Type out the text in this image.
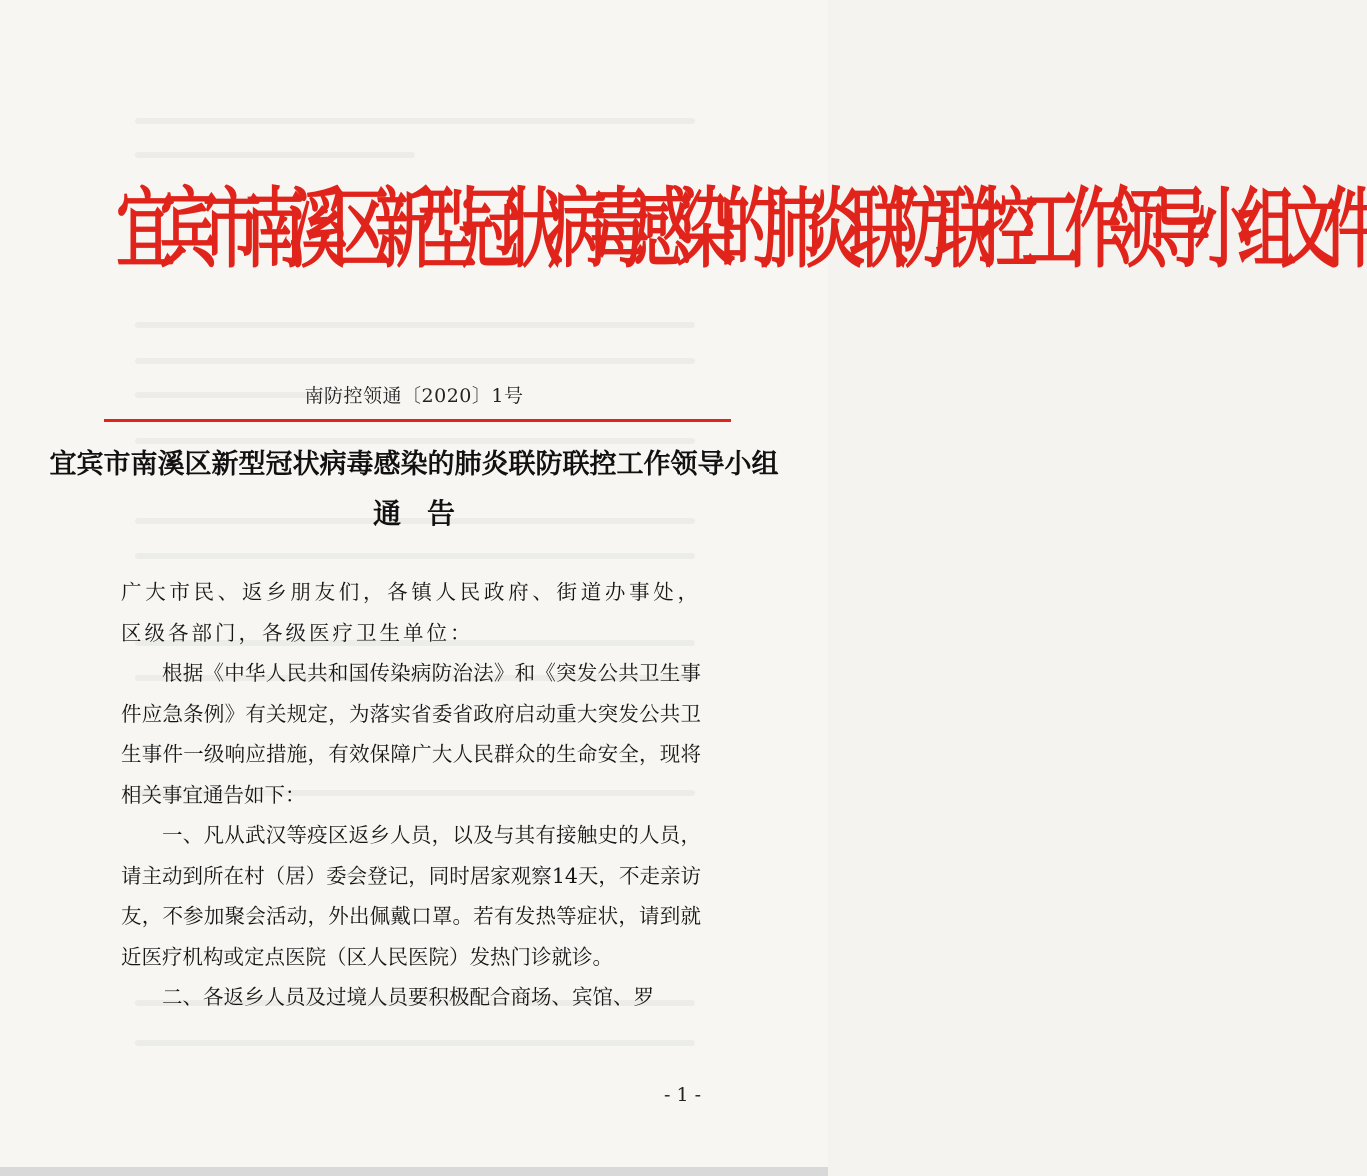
宜宾市南溪区新型冠状病毒感染的肺炎联防联控工作领导小组文件
南防控领通〔2020〕1号
宜宾市南溪区新型冠状病毒感染的肺炎联防联控工作领导小组
通告

广大市民、返乡朋友们，各镇人民政府、街道办事处，区级各部门，各级医疗卫生单位：

根据《中华人民共和国传染病防治法》和《突发公共卫生事件应急条例》有关规定，为落实省委省政府启动重大突发公共卫生事件一级响应措施，有效保障广大人民群众的生命安全，现将相关事宜通告如下：

一、凡从武汉等疫区返乡人员，以及与其有接触史的人员，请主动到所在村（居）委会登记，同时居家观察14天，不走亲访友，不参加聚会活动，外出佩戴口罩。若有发热等症状，请到就近医疗机构或定点医院（区人民医院）发热门诊就诊。

二、各返乡人员及过境人员要积极配合商场、宾馆、罗

- 1 -
